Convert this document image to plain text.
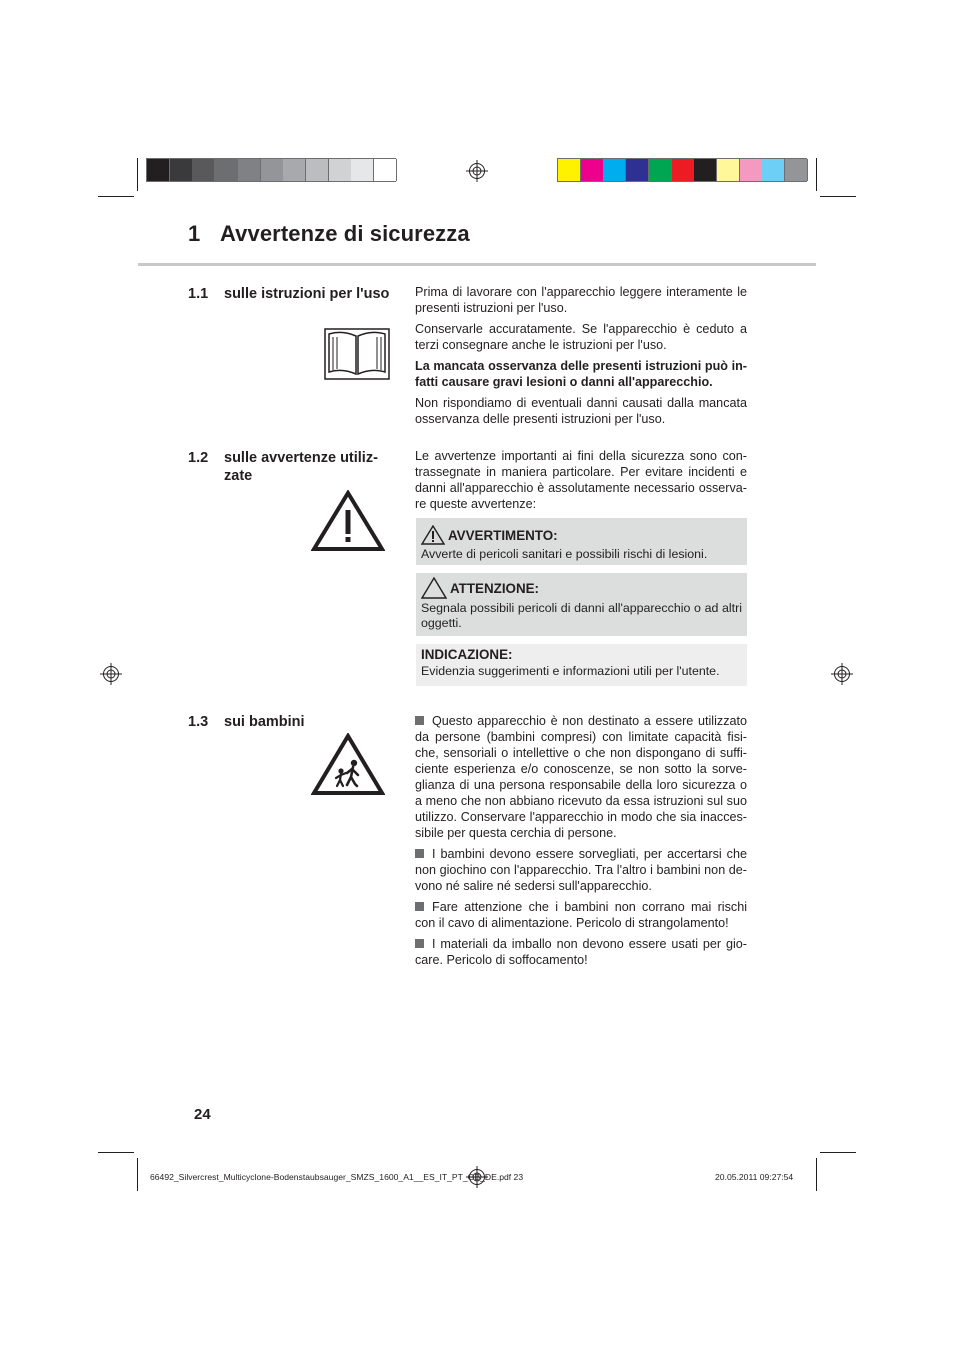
1 Avvertenze di sicurezza
1.1 sulle istruzioni per l'uso	Prima di lavorare con l'apparecchio leggere interamente le presenti istruzioni per l'uso.

Conservarle accuratamente. Se l'apparecchio è ceduto a terzi consegnare anche le istruzioni per l'uso.

La mancata osservanza delle presenti istruzioni può in-fatti causare gravi lesioni o danni all'apparecchio.

Non rispondiamo di eventuali danni causati dalla mancata osservanza delle presenti istruzioni per l'uso.

1.2 sulle avvertenze utiliz-zate

Le avvertenze importanti ai fini della sicurezza sono con-trassegnate in maniera particolare. Per evitare incidenti e danni all'apparecchio è assolutamente necessario osserva-re queste avvertenze:

AVVERTIMENTO:
Avverte di pericoli sanitari e possibili rischi di lesioni.
ATTENZIONE:
Segnala possibili pericoli di danni all'apparecchio o ad altri oggetti.
INDICAZIONE:
Evidenzia suggerimenti e informazioni utili per l'utente.
1.3 sui bambini	Questo apparecchio è non destinato a essere utilizzato da persone (bambini compresi) con limitate capacità fisi-che, sensoriali o intellettive o che non dispongano di suffi-ciente esperienza e/o conoscenze, se non sotto la sorve-glianza di una persona responsabile della loro sicurezza o a meno che non abbiano ricevuto da essa istruzioni sul suo utilizzo. Conservare l'apparecchio in modo che sia inacces-sibile per questa cerchia di persone.
I bambini devono essere sorvegliati, per accertarsi che non giochino con l'apparecchio. Tra l'altro i bambini non de-vono né salire né sedersi sull'apparecchio.
Fare attenzione che i bambini non corrano mai rischi con il cavo di alimentazione. Pericolo di strangolamento!
I materiali da imballo non devono essere usati per gio-care. Pericolo di soffocamento!
24
66492_Silvercrest_Multicyclone-Bodenstaubsauger_SMZS_1600_A1__ES_IT_PT_GB_DE.pdf 23	20.05.2011 09:27:54
